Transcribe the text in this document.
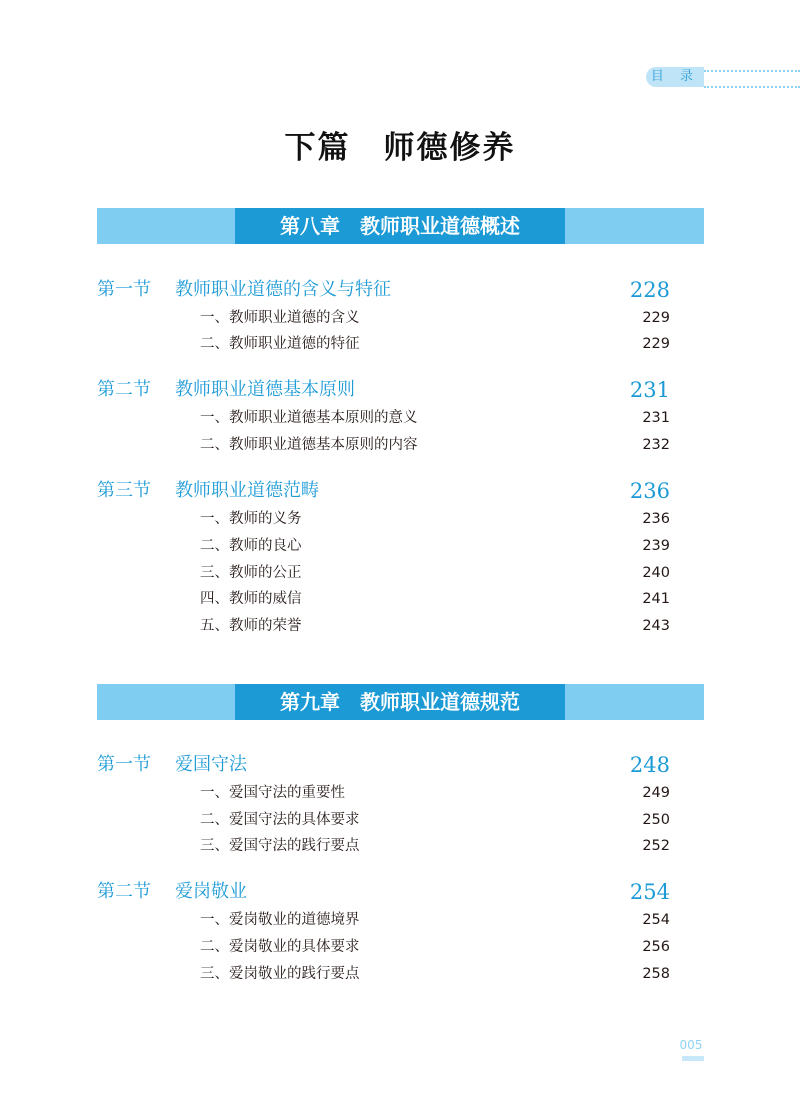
目 录
下篇　师德修养
第八章　教师职业道德概述
第一节 教师职业道德的含义与特征	228
一、教师职业道德的含义	229
二、教师职业道德的特征	229
第二节 教师职业道德基本原则	231
一、教师职业道德基本原则的意义	231
二、教师职业道德基本原则的内容	232
第三节 教师职业道德范畴	236
一、教师的义务	236
二、教师的良心	239
三、教师的公正	240
四、教师的威信	241
五、教师的荣誉	243
第九章　教师职业道德规范
第一节 爱国守法	248
一、爱国守法的重要性	249
二、爱国守法的具体要求	250
三、爱国守法的践行要点	252
第二节 爱岗敬业	254
一、爱岗敬业的道德境界	254
二、爱岗敬业的具体要求	256
三、爱岗敬业的践行要点	258
005
